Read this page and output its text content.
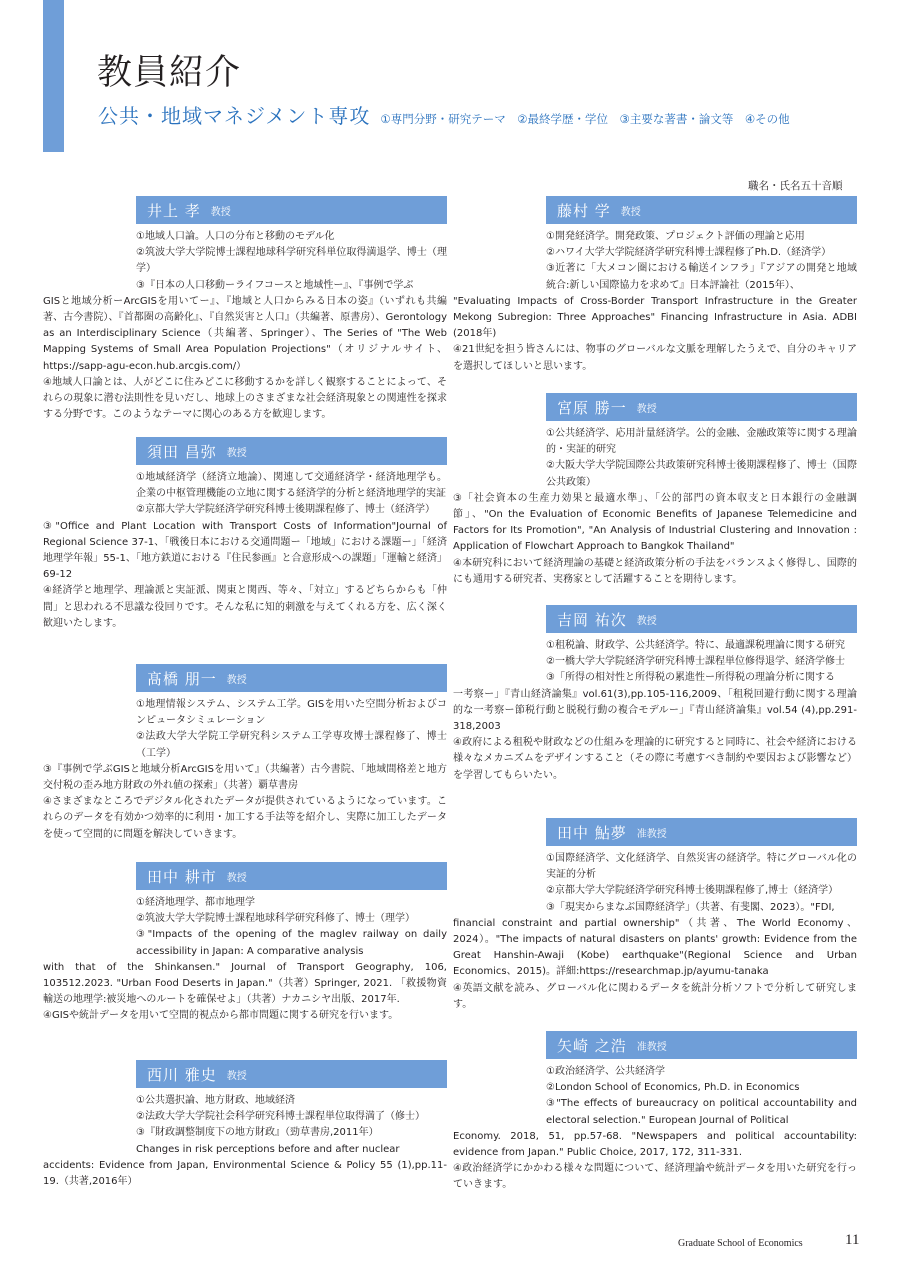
教員紹介
公共・地域マネジメント専攻 ①専門分野・研究テーマ　②最終学歴・学位　③主要な著書・論文等　④その他
職名・氏名五十音順
井上 孝 教授

①地域人口論。人口の分布と移動のモデル化

②筑波大学大学院博士課程地球科学研究科単位取得満退学、博士（理学）

③『日本の人口移動ーライフコースと地域性ー』、『事例で学ぶ

GISと地域分析ーArcGISを用いてー』、『地域と人口からみる日本の姿』（いずれも共編著、古今書院）、『首都圏の高齢化』、『自然災害と人口』（共編著、原書房）、Gerontology as an Interdisciplinary Science（共編著、Springer）、The Series of "The Web Mapping Systems of Small Area Population Projections"（オリジナルサイト、https://sapp-agu-econ.hub.arcgis.com/）

④地域人口論とは、人がどこに住みどこに移動するかを詳しく観察することによって、それらの現象に潜む法則性を見いだし、地球上のさまざまな社会経済現象との関連性を探求する分野です。このようなテーマに関心のある方を歓迎します。

須田 昌弥 教授

①地域経済学（経済立地論）、関連して交通経済学・経済地理学も。企業の中枢管理機能の立地に関する経済学的分析と経済地理学的実証

②京都大学大学院経済学研究科博士後期課程修了、博士（経済学）

③"Office and Plant Location with Transport Costs of Information"Journal of Regional Science 37-1、「戦後日本における交通問題ー「地域」における課題ー」「経済地理学年報」55-1、「地方鉄道における『住民参画』と合意形成への課題」「運輸と経済」69-12

④経済学と地理学、理論派と実証派、関東と関西、等々、「対立」するどちらからも「仲間」と思われる不思議な役回りです。そんな私に知的刺激を与えてくれる方を、広く深く歓迎いたします。

髙橋 朋一 教授

①地理情報システム、システム工学。GISを用いた空間分析およびコンピュータシミュレーション

②法政大学大学院工学研究科システム工学専攻博士課程修了、博士（工学）

③『事例で学ぶGISと地域分析ArcGISを用いて』（共編著）古今書院、「地域間格差と地方交付税の歪み地方財政の外れ値の探索」（共著）覇草書房

④さまざまなところでデジタル化されたデータが提供されているようになっています。これらのデータを有効かつ効率的に利用・加工する手法等を紹介し、実際に加工したデータを使って空間的に問題を解決していきます。

田中 耕市 教授

①経済地理学、都市地理学

②筑波大学大学院博士課程地球科学研究科修了、博士（理学）

③"Impacts of the opening of the maglev railway on daily accessibility in Japan: A comparative analysis

with that of the Shinkansen." Journal of Transport Geography, 106, 103512.2023. "Urban Food Deserts in Japan."（共著）Springer, 2021. 「救援物資輸送の地理学:被災地へのルートを確保せよ」（共著）ナカニシヤ出版、2017年.

④GISや統計データを用いて空間的視点から都市問題に関する研究を行います。

西川 雅史 教授

①公共選択論、地方財政、地域経済

②法政大学大学院社会科学研究科博士課程単位取得満了（修士）

③『財政調整制度下の地方財政』（勁草書房,2011年）

Changes in risk perceptions before and after nuclear

accidents: Evidence from Japan, Environmental Science & Policy 55 (1),pp.11-19.（共著,2016年）

藤村 学 教授

①開発経済学。開発政策、プロジェクト評価の理論と応用

②ハワイ大学大学院経済学研究科博士課程修了Ph.D.（経済学）

③近著に「大メコン圏における輸送インフラ」『アジアの開発と地域統合:新しい国際協力を求めて』日本評論社（2015年）、

"Evaluating Impacts of Cross-Border Transport Infrastructure in the Greater Mekong Subregion: Three Approaches" Financing Infrastructure in Asia. ADBI (2018年)

④21世紀を担う皆さんには、物事のグローバルな文脈を理解したうえで、自分のキャリアを選択してほしいと思います。

宮原 勝一 教授

①公共経済学、応用計量経済学。公的金融、金融政策等に関する理論的・実証的研究

②大阪大学大学院国際公共政策研究科博士後期課程修了、博士（国際公共政策）

③「社会資本の生産力効果と最適水準」、「公的部門の資本収支と日本銀行の金融調節」、"On the Evaluation of Economic Benefits of Japanese Telemedicine and Factors for Its Promotion", "An Analysis of Industrial Clustering and Innovation : Application of Flowchart Approach to Bangkok Thailand"

④本研究科において経済理論の基礎と経済政策分析の手法をバランスよく修得し、国際的にも通用する研究者、実務家として活躍することを期待します。

吉岡 祐次 教授

①租税論、財政学、公共経済学。特に、最適課税理論に関する研究

②一橋大学大学院経済学研究科博士課程単位修得退学、経済学修士

③「所得の相対性と所得税の累進性ー所得税の理論分析に関する

一考察ー」『青山経済論集』vol.61(3),pp.105-116,2009、「租税回避行動に関する理論的な一考察ー節税行動と脱税行動の複合モデルー」『青山経済論集』vol.54 (4),pp.291-318,2003

④政府による租税や財政などの仕組みを理論的に研究すると同時に、社会や経済における様々なメカニズムをデザインすること（その際に考慮すべき制約や要因および影響など）を学習してもらいたい。

田中 鮎夢 准教授

①国際経済学、文化経済学、自然災害の経済学。特にグローバル化の実証的分析

②京都大学大学院経済学研究科博士後期課程修了,博士（経済学）

③「現実からまなぶ国際経済学」（共著、有斐閣、2023）。"FDI,

financial constraint and partial ownership"（共著、The World Economy、2024）。"The impacts of natural disasters on plants' growth: Evidence from the Great Hanshin-Awaji (Kobe) earthquake"(Regional Science and Urban Economics、2015)。詳細:https://researchmap.jp/ayumu-tanaka

④英語文献を読み、グローバル化に関わるデータを統計分析ソフトで分析して研究します。

矢崎 之浩 准教授

①政治経済学、公共経済学

②London School of Economics, Ph.D. in Economics

③"The effects of bureaucracy on political accountability and electoral selection." European Journal of Political

Economy. 2018, 51, pp.57-68. "Newspapers and political accountability: evidence from Japan." Public Choice, 2017, 172, 311-331.

④政治経済学にかかわる様々な問題について、経済理論や統計データを用いた研究を行っていきます。

Graduate School of Economics	11
